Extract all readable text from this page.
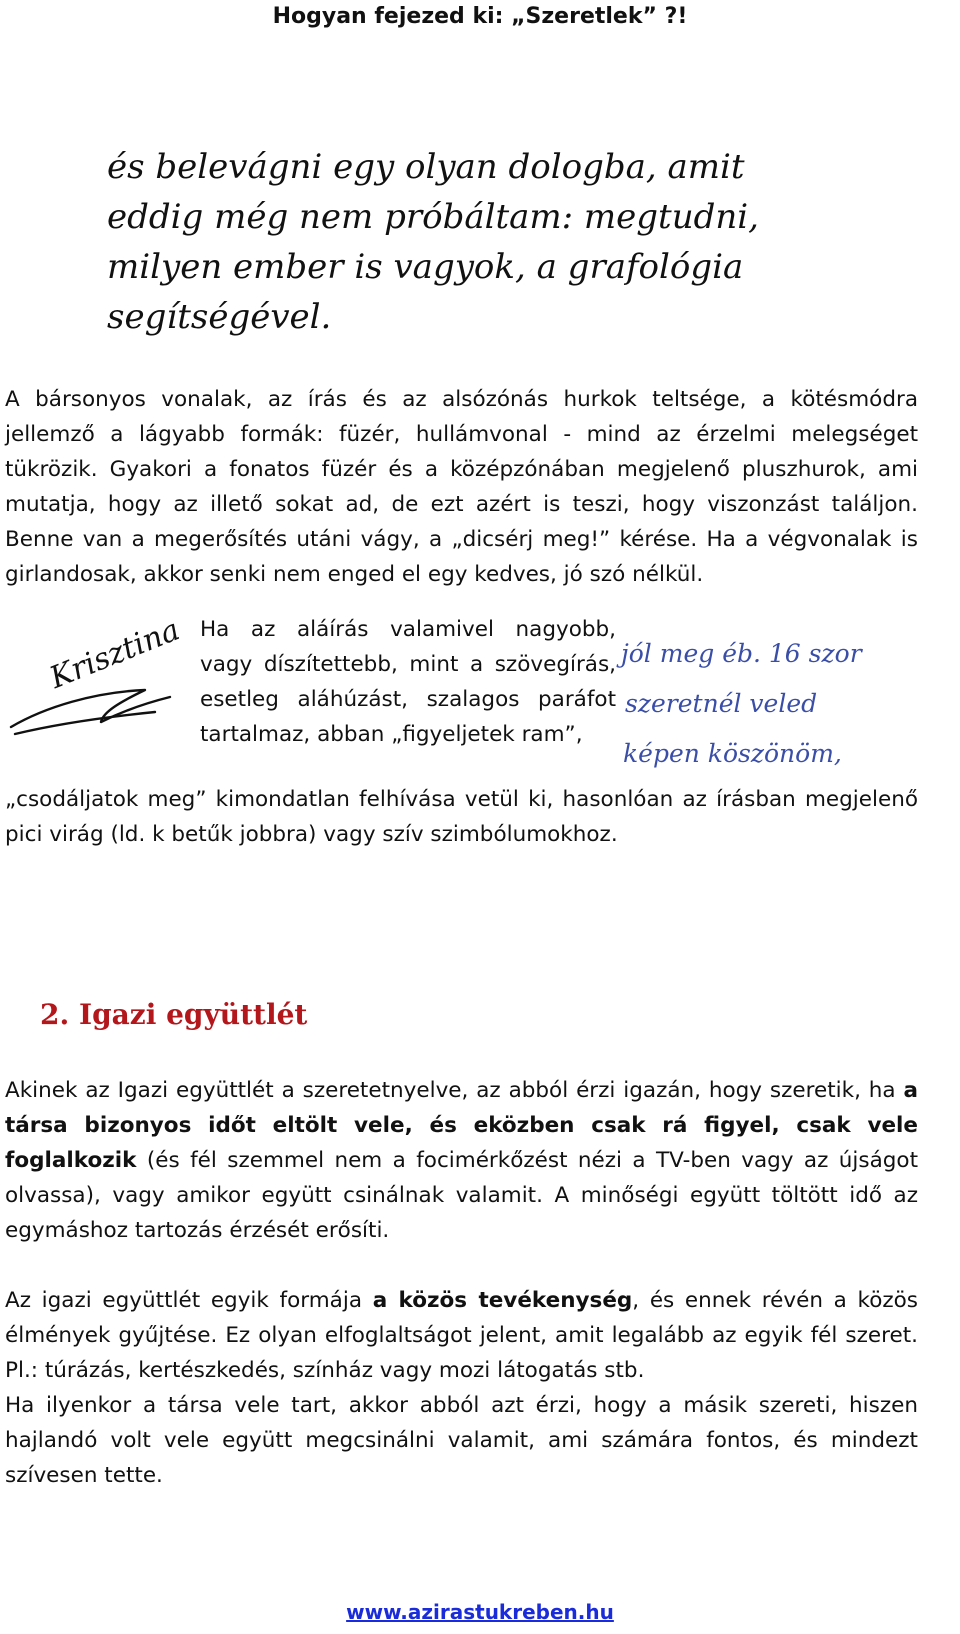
Hogyan fejezed ki: „Szeretlek” ?!
és belevágni egy olyan dologba, amit
eddig még nem próbáltam: megtudni,
milyen ember is vagyok, a grafológia
segítségével.

A bársonyos vonalak, az írás és az alsózónás hurkok teltsége, a kötésmódra jellemző a lágyabb formák: füzér, hullámvonal - mind az érzelmi melegséget tükrözik. Gyakori a fonatos füzér és a középzónában megjelenő pluszhurok, ami mutatja, hogy az illető sokat ad, de ezt azért is teszi, hogy viszonzást találjon. Benne van a megerősítés utáni vágy, a „dicsérj meg!” kérése. Ha a végvonalak is girlandosak, akkor senki nem enged el egy kedves, jó szó nélkül.

Krisztina Ha az aláírás valamivel nagyobb, vagy díszítettebb, mint a szövegírás, esetleg aláhúzást, szalagos paráfot tartalmaz, abban „figyeljetek ram”,

jól meg éb. 16 szor
szeretnél veled
képen köszönöm,

„csodáljatok meg” kimondatlan felhívása vetül ki, hasonlóan az írásban megjelenő pici virág (ld. k betűk jobbra) vagy szív szimbólumokhoz.

2. Igazi együttlét

Akinek az Igazi együttlét a szeretetnyelve, az abból érzi igazán, hogy szeretik, ha a társa bizonyos időt eltölt vele, és eközben csak rá figyel, csak vele foglalkozik (és fél szemmel nem a focimérkőzést nézi a TV-ben vagy az újságot olvassa), vagy amikor együtt csinálnak valamit. A minőségi együtt töltött idő az egymáshoz tartozás érzését erősíti.

Az igazi együttlét egyik formája a közös tevékenység, és ennek révén a közös élmények gyűjtése. Ez olyan elfoglaltságot jelent, amit legalább az egyik fél szeret. Pl.: túrázás, kertészkedés, színház vagy mozi látogatás stb.

Ha ilyenkor a társa vele tart, akkor abból azt érzi, hogy a másik szereti, hiszen hajlandó volt vele együtt megcsinálni valamit, ami számára fontos, és mindezt szívesen tette.

www.azirastukreben.hu
